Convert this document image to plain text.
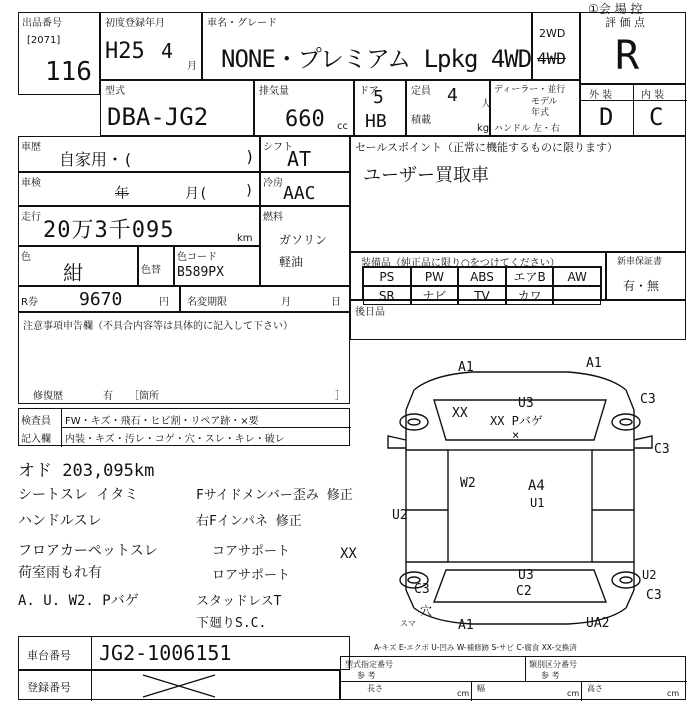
出品番号
[2071]
116
初度登録年月
H25 4
月
車名・グレード
NONE・プレミアム Lpkg 4WD
2WD
4WD
①会 場 控
評 価 点
R
型式
DBA-JG2
排気量
660 cc
ドア
5
HB
定員 4 人
積載
kg
ディーラー・並行
モデル
年式
ハンドル 左・右
外 装	内 装
D C
車歴
自家用・(	) シフト
AT	セールスポイント（正常に機能するものに限ります）
ユーザー買取車
車検
年	月(	) 冷房 AAC
走行
20万3千095	km
燃料
ガソリン 軽油
色
紺	色替
色コード
B589PX
装備品（純正品に限り○をつけてください）
PS	PW	ABS	エアB	AW
SR	ナビ	TV	カワ
新車保証書
有・無
R券 9670	円 名変期限	月	日
後日品
注意事項申告欄（不具合内容等は具体的に記入して下さい）
修復歴	有 ［箇所	］
検査員
記入欄
FW・キズ・飛石・ヒビ割・リペア跡・×要
内装・キズ・汚レ・コゲ・穴・スレ・キレ・破レ
オド 203,095km
シートスレ イタミ
ハンドルスレ
フロアカーペットスレ
荷室雨もれ有
A. U. W2. Pバゲ
Fサイドメンバー歪み 修正
右Fインパネ 修正
コアサポート
ロアサポート
スタッドレスT
下廻りS.C.
XX
A1	A1
XX
U3
XX Pバゲ
C3
C3
U2
W2	A4
U1
U3
C2
U2
C3
穴
A1	UA2
C3
スマ
×
A-キズ E-エクボ U-凹み W-補修跡 S-サビ C-腐食 XX-交換済
車台番号 JG2-1006151
登録番号
型式指定番号	類別区分番号
参 考	参 考
長さ
cm
幅
cm
高さ
cm
